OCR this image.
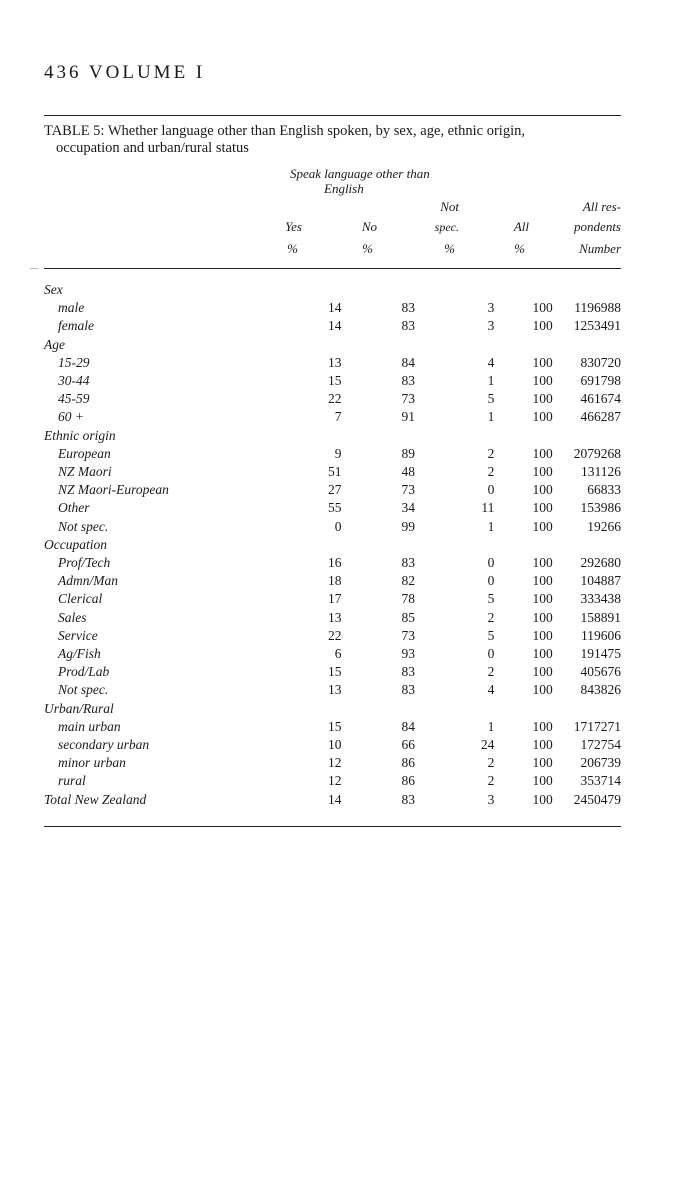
436 VOLUME I
TABLE 5: Whether language other than English spoken, by sex, age, ethnic origin,
occupation and urban/rural status
Speak language other than
English
Yes	No
Not
spec.	All
All res-
pondents
%	%	%	%	Number
Sex					
male	14	83	3	100	1196988
female	14	83	3	100	1253491
Age					
15-29	13	84	4	100	830720
30-44	15	83	1	100	691798
45-59	22	73	5	100	461674
60 +	7	91	1	100	466287
Ethnic origin					
European	9	89	2	100	2079268
NZ Maori	51	48	2	100	131126
NZ Maori-European	27	73	0	100	66833
Other	55	34	11	100	153986
Not spec.	0	99	1	100	19266
Occupation					
Prof/Tech	16	83	0	100	292680
Admn/Man	18	82	0	100	104887
Clerical	17	78	5	100	333438
Sales	13	85	2	100	158891
Service	22	73	5	100	119606
Ag/Fish	6	93	0	100	191475
Prod/Lab	15	83	2	100	405676
Not spec.	13	83	4	100	843826
Urban/Rural					
main urban	15	84	1	100	1717271
secondary urban	10	66	24	100	172754
minor urban	12	86	2	100	206739
rural	12	86	2	100	353714
Total New Zealand	14	83	3	100	2450479
